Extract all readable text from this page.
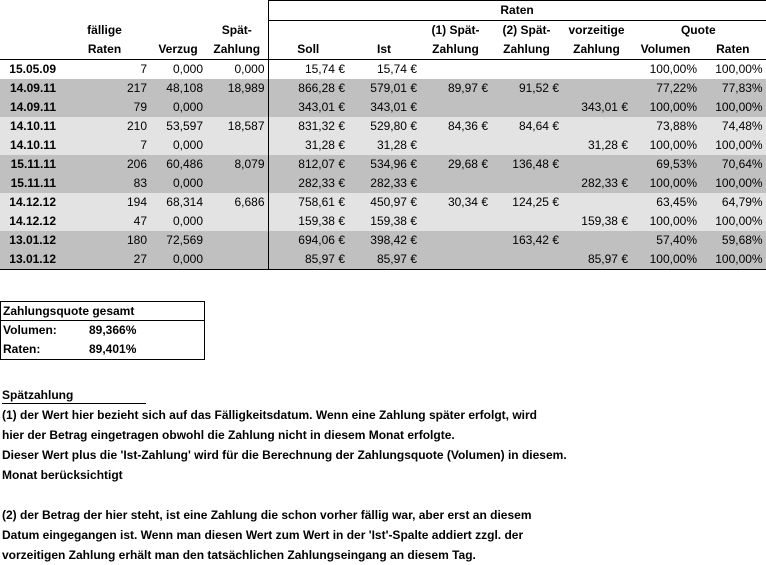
				Raten						
	fällige		Spät-			(1) Spät-	(2) Spät-	vorzeitige	Quote	
	Raten	Verzug	Zahlung	Soll	Ist	Zahlung	Zahlung	Zahlung	Volumen	Raten
15.05.09	7	0,000	0,000	15,74 €	15,74 €				100,00%	100,00%
14.09.11	217	48,108	18,989	866,28 €	579,01 €	89,97 €	91,52 €		77,22%	77,83%
14.09.11	79	0,000		343,01 €	343,01 €			343,01 €	100,00%	100,00%
14.10.11	210	53,597	18,587	831,32 €	529,80 €	84,36 €	84,64 €		73,88%	74,48%
14.10.11	7	0,000		31,28 €	31,28 €			31,28 €	100,00%	100,00%
15.11.11	206	60,486	8,079	812,07 €	534,96 €	29,68 €	136,48 €		69,53%	70,64%
15.11.11	83	0,000		282,33 €	282,33 €			282,33 €	100,00%	100,00%
14.12.12	194	68,314	6,686	758,61 €	450,97 €	30,34 €	124,25 €		63,45%	64,79%
14.12.12	47	0,000		159,38 €	159,38 €			159,38 €	100,00%	100,00%
13.01.12	180	72,569		694,06 €	398,42 €		163,42 €		57,40%	59,68%
13.01.12	27	0,000		85,97 €	85,97 €			85,97 €	100,00%	100,00%
Zahlungsquote gesamt
Volumen:	89,366%
Raten:	89,401%
Spätzahlung
(1) der Wert hier bezieht sich auf das Fälligkeitsdatum. Wenn eine Zahlung später erfolgt, wird
hier der Betrag eingetragen obwohl die Zahlung nicht in diesem Monat erfolgte.
Dieser Wert plus die 'Ist-Zahlung' wird für die Berechnung der Zahlungsquote (Volumen) in diesem.
Monat berücksichtigt
(2) der Betrag der hier steht, ist eine Zahlung die schon vorher fällig war, aber erst an diesem
Datum eingegangen ist. Wenn man diesen Wert zum Wert in der 'Ist'-Spalte addiert zzgl. der
vorzeitigen Zahlung erhält man den tatsächlichen Zahlungseingang an diesem Tag.
